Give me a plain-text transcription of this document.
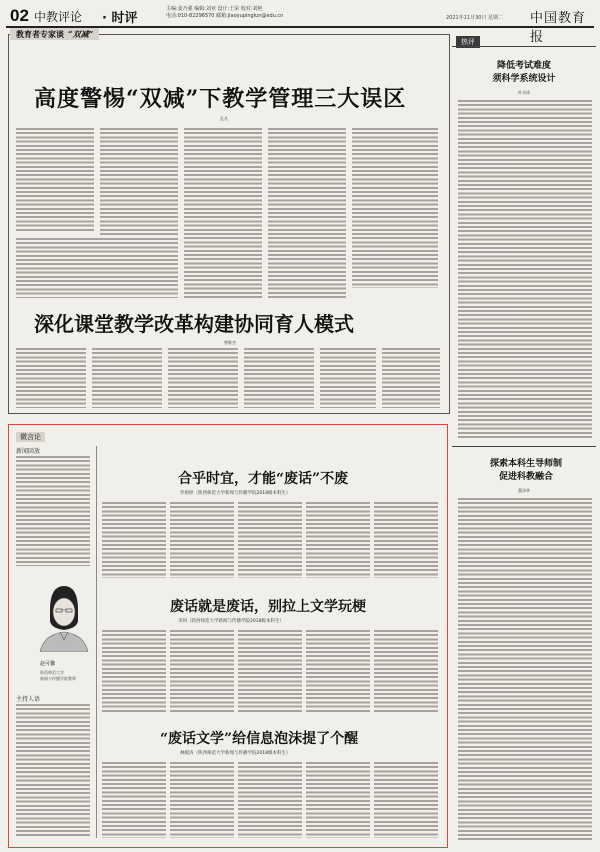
02 中教评论 · 时评
主编:姜乃强 编辑:刘亚 设计:王荣 校对:刘艳
电话:010-82296570 邮箱:jiaoyupinglun@edu.cn	2021年11月30日 星期二 中国教育报
教育者专家谈 “双减”
高度警惕“双减”下教学管理三大误区
孔凡
深化课堂教学改革构建协同育人模式
曾维杰
热评
降低考试难度
须科学系统设计
叶水涛
探索本科生导师制
促进科教融合
董泽华
微言论
新闻回放
赵可馨
陕西师范大学
新闻与传播学院教师
主持人语
合乎时宜，才能“废话”不废
罗娟婷（陕西师范大学新闻与传播学院2018级本科生）
废话就是废话，别拉上文学玩梗
李珂（陕西师范大学新闻与传播学院2018级本科生）
“废话文学”给信息泡沫提了个醒
林媛涛（陕西师范大学新闻与传播学院2018级本科生）
